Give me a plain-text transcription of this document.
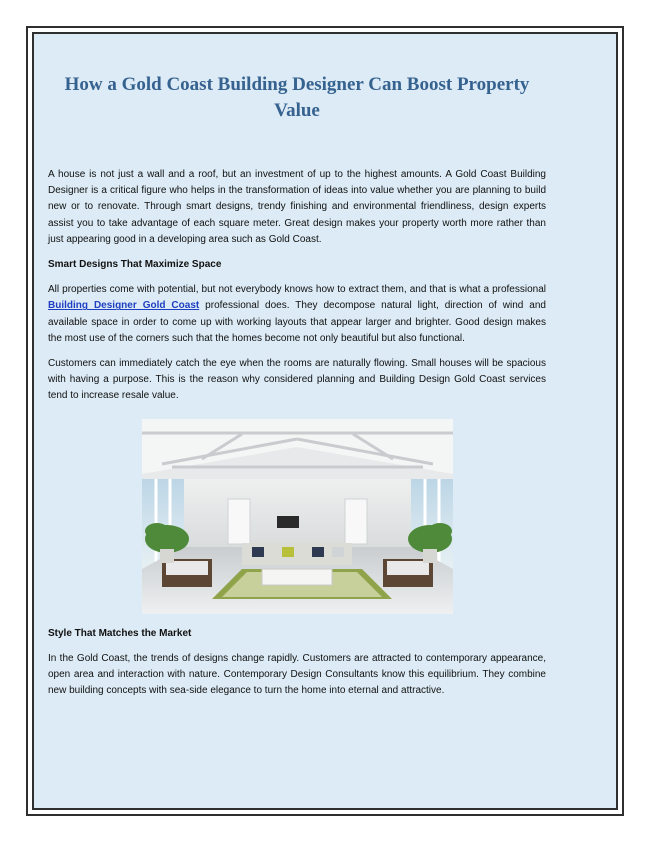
How a Gold Coast Building Designer Can Boost Property Value

A house is not just a wall and a roof, but an investment of up to the highest amounts. A Gold Coast Building Designer is a critical figure who helps in the transformation of ideas into value whether you are planning to build new or to renovate. Through smart designs, trendy finishing and environmental friendliness, design experts assist you to take advantage of each square meter. Great design makes your property worth more rather than just appearing good in a developing area such as Gold Coast.

Smart Designs That Maximize Space

All properties come with potential, but not everybody knows how to extract them, and that is what a professional Building Designer Gold Coast professional does. They decompose natural light, direction of wind and available space in order to come up with working layouts that appear larger and brighter. Good design makes the most use of the corners such that the homes become not only beautiful but also functional.

Customers can immediately catch the eye when the rooms are naturally flowing. Small houses will be spacious with having a purpose. This is the reason why considered planning and Building Design Gold Coast services tend to increase resale value.

Style That Matches the Market

In the Gold Coast, the trends of designs change rapidly. Customers are attracted to contemporary appearance, open area and interaction with nature. Contemporary Design Consultants know this equilibrium. They combine new building concepts with sea-side elegance to turn the home into eternal and attractive.
